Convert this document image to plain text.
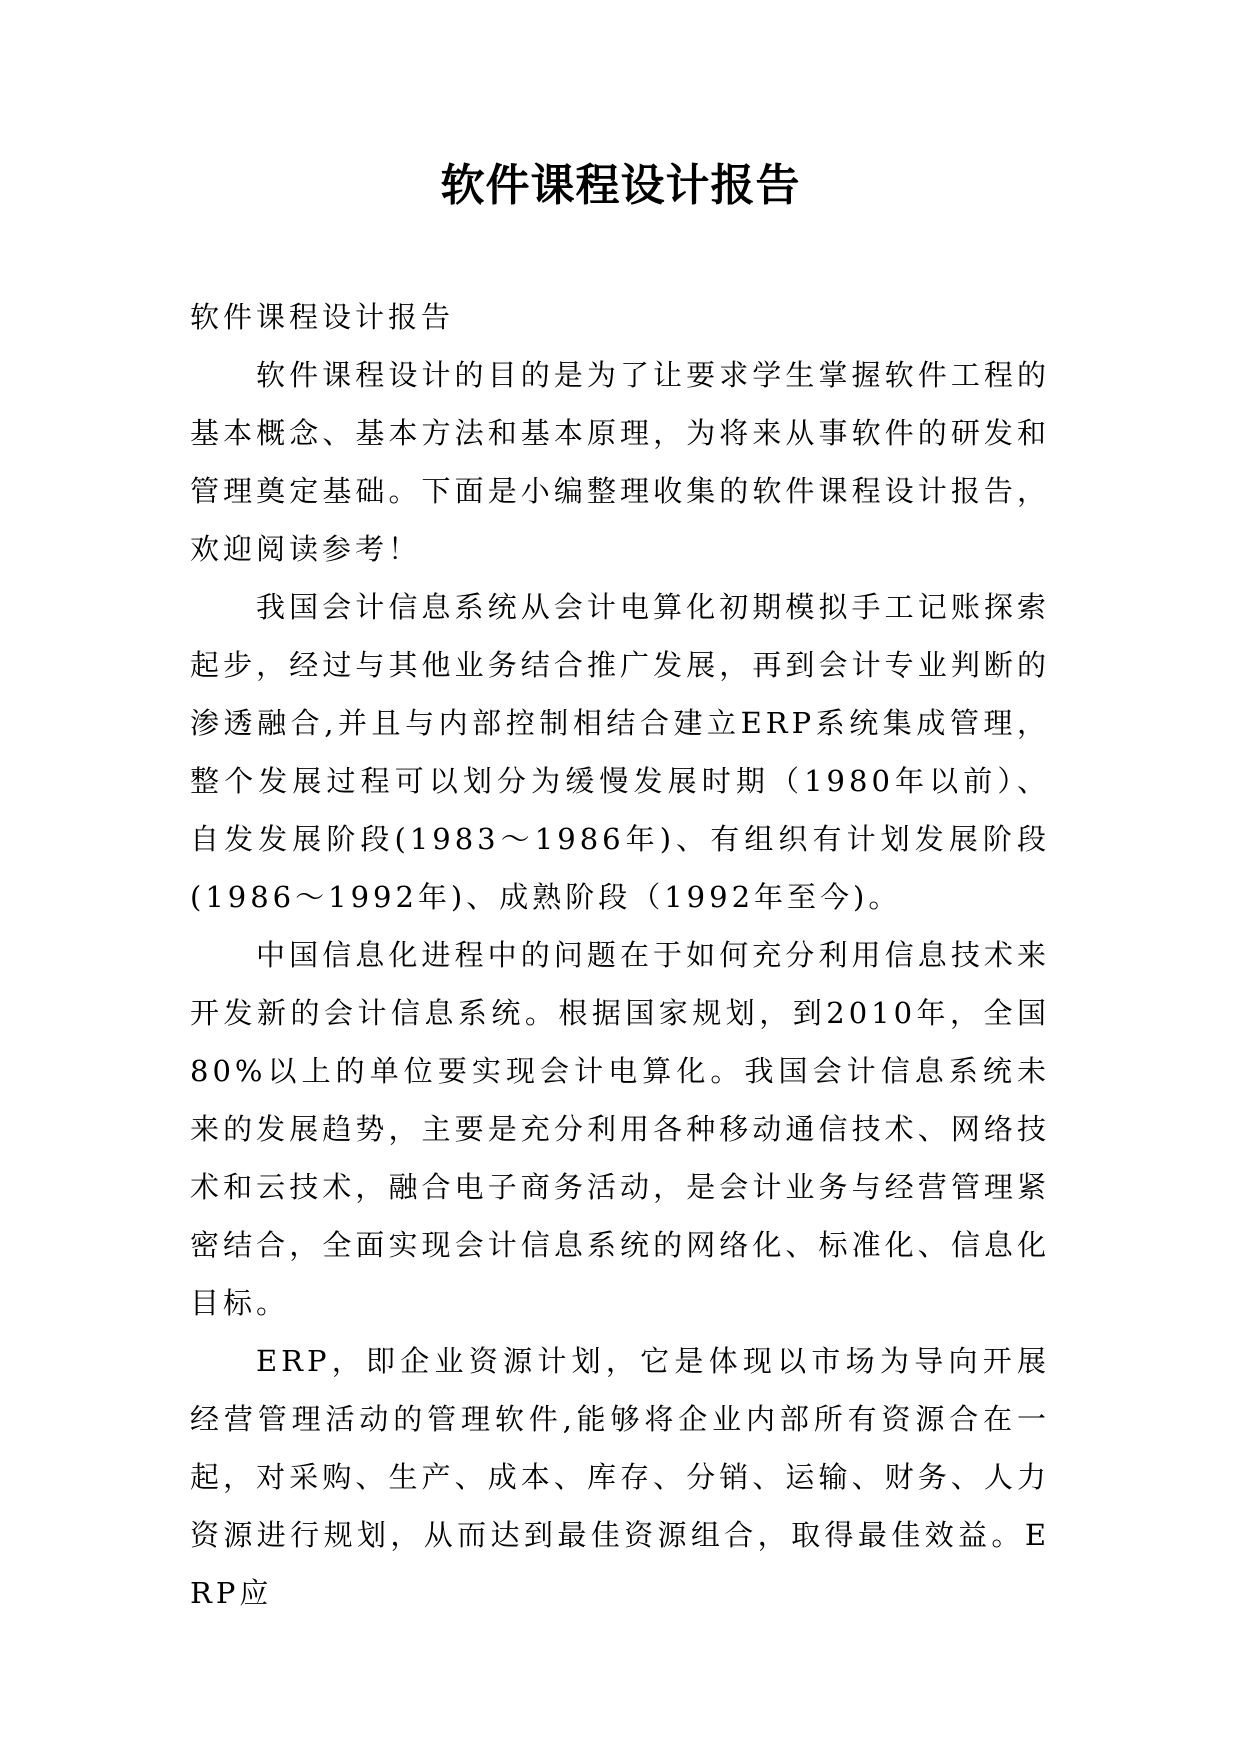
软件课程设计报告

软件课程设计报告

软件课程设计的目的是为了让要求学生掌握软件工程的基本概念、基本方法和基本原理，为将来从事软件的研发和管理奠定基础。下面是小编整理收集的软件课程设计报告，欢迎阅读参考！

我国会计信息系统从会计电算化初期模拟手工记账探索起步，经过与其他业务结合推广发展，再到会计专业判断的渗透融合,并且与内部控制相结合建立ERP系统集成管理，整个发展过程可以划分为缓慢发展时期（1980年以前）、自发发展阶段(1983～1986年)、有组织有计划发展阶段(1986～1992年)、成熟阶段（1992年至今)。

中国信息化进程中的问题在于如何充分利用信息技术来开发新的会计信息系统。根据国家规划，到2010年，全国80%以上的单位要实现会计电算化。我国会计信息系统未来的发展趋势，主要是充分利用各种移动通信技术、网络技术和云技术，融合电子商务活动，是会计业务与经营管理紧密结合，全面实现会计信息系统的网络化、标准化、信息化目标。

ERP，即企业资源计划，它是体现以市场为导向开展经营管理活动的管理软件,能够将企业内部所有资源合在一起，对采购、生产、成本、库存、分销、运输、财务、人力资源进行规划，从而达到最佳资源组合，取得最佳效益。ERP应
